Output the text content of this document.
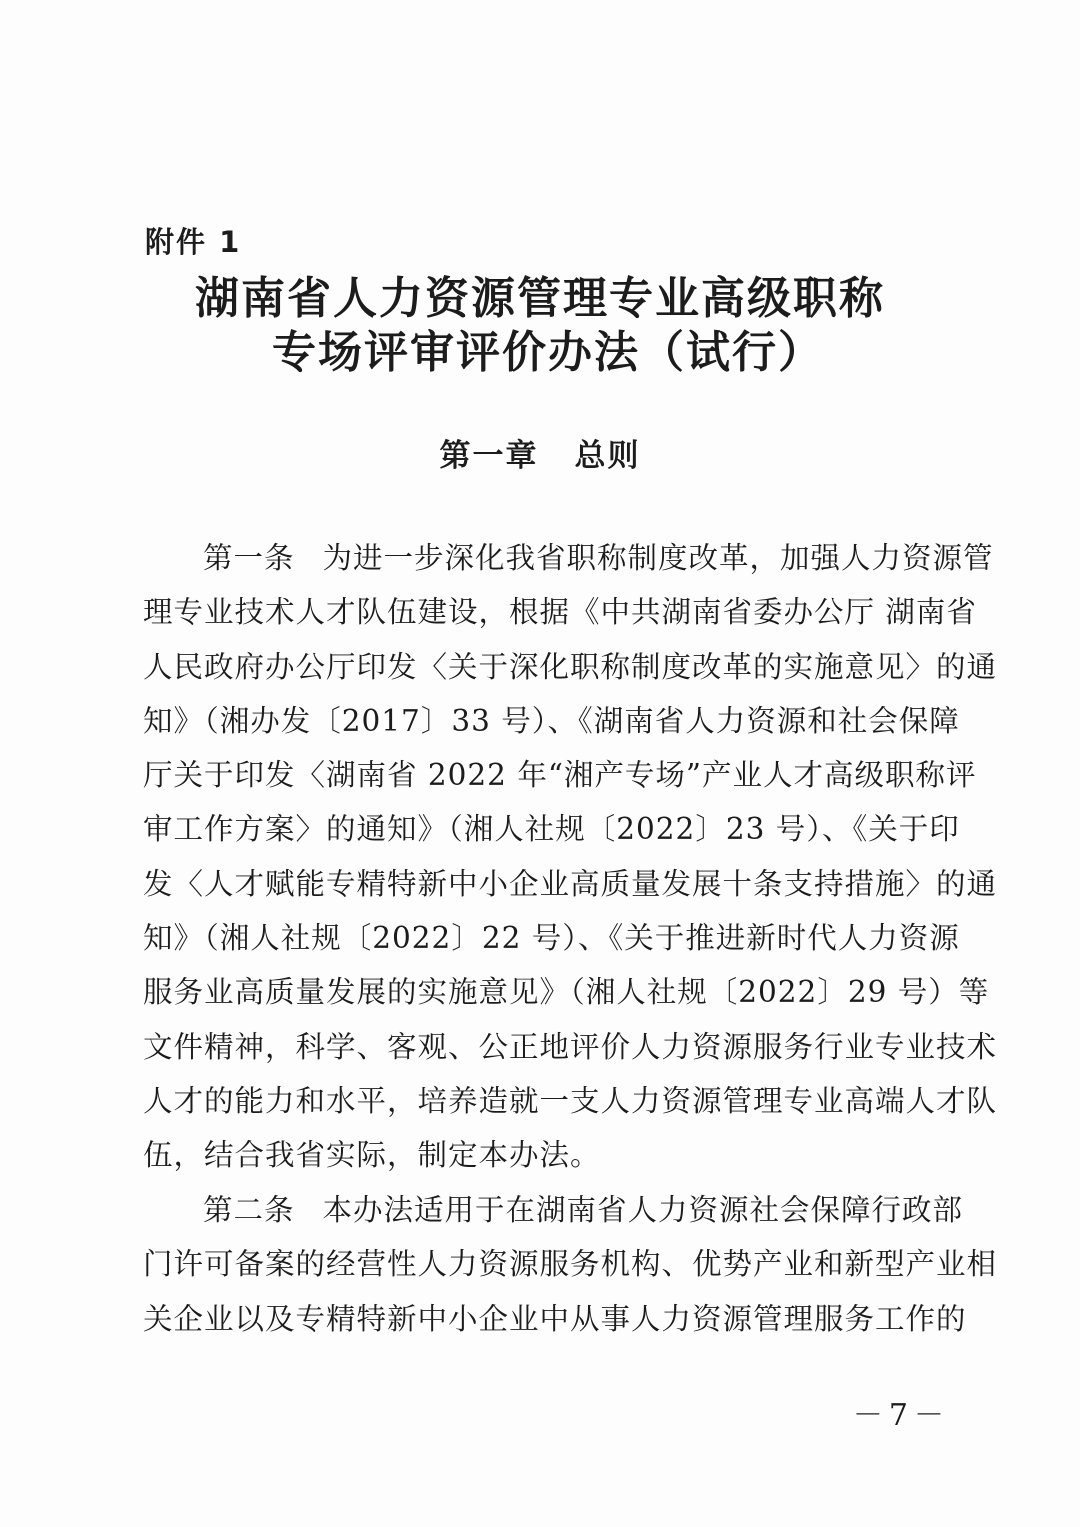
附件 1
湖南省人力资源管理专业高级职称
专场评审评价办法（试行）
第一章 总则
第一条 为进一步深化我省职称制度改革，加强人力资源管
理专业技术人才队伍建设，根据《中共湖南省委办公厅 湖南省
人民政府办公厅印发〈关于深化职称制度改革的实施意见〉的通
知》（湘办发〔2017〕33 号）、《湖南省人力资源和社会保障
厅关于印发〈湖南省 2022 年“湘产专场”产业人才高级职称评
审工作方案〉的通知》（湘人社规〔2022〕23 号）、《关于印
发〈人才赋能专精特新中小企业高质量发展十条支持措施〉的通
知》（湘人社规〔2022〕22 号）、《关于推进新时代人力资源
服务业高质量发展的实施意见》（湘人社规〔2022〕29 号）等
文件精神，科学、客观、公正地评价人力资源服务行业专业技术
人才的能力和水平，培养造就一支人力资源管理专业高端人才队
伍，结合我省实际，制定本办法。
第二条 本办法适用于在湖南省人力资源社会保障行政部
门许可备案的经营性人力资源服务机构、优势产业和新型产业相
关企业以及专精特新中小企业中从事人力资源管理服务工作的
－7－
